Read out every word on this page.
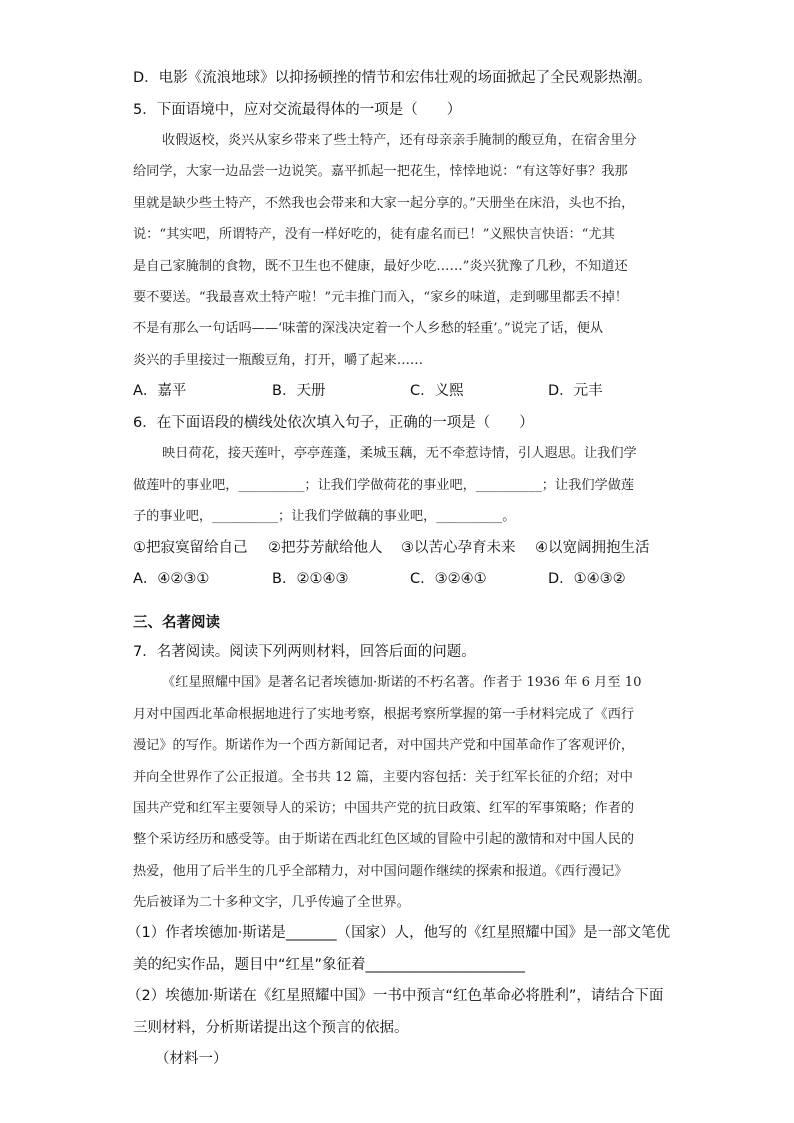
D．电影《流浪地球》以抑扬顿挫的情节和宏伟壮观的场面掀起了全民观影热潮。
5．下面语境中，应对交流最得体的一项是（　　）
收假返校，炎兴从家乡带来了些土特产，还有母亲亲手腌制的酸豆角，在宿舍里分
给同学，大家一边品尝一边说笑。嘉平抓起一把花生，悻悻地说：“有这等好事？我那
里就是缺少些土特产，不然我也会带来和大家一起分享的。”天册坐在床沿，头也不抬，
说：“其实吧，所谓特产，没有一样好吃的，徒有虚名而已！”义熙快言快语：“尤其
是自己家腌制的食物，既不卫生也不健康，最好少吃……”炎兴犹豫了几秒，不知道还
要不要送。“我最喜欢土特产啦！”元丰推门而入，“家乡的味道，走到哪里都丢不掉！
不是有那么一句话吗——‘味蕾的深浅决定着一个人乡愁的轻重’。”说完了话，便从
炎兴的手里接过一瓶酸豆角，打开，嚼了起来……
A．嘉平	B．天册	C．义熙	D．元丰
6．在下面语段的横线处依次填入句子，正确的一项是（　　）
映日荷花，接天莲叶，亭亭莲蓬，柔城玉藕，无不牵惹诗情，引人遐思。让我们学
做莲叶的事业吧，__________；让我们学做荷花的事业吧，__________；让我们学做莲
子的事业吧，__________；让我们学做藕的事业吧，__________。
①把寂寞留给自己 ②把芬芳献给他人 ③以苦心孕育未来 ④以宽阔拥抱生活
A．④②③①	B．②①④③	C．③②④①	D．①④③②
三、名著阅读
7．名著阅读。阅读下列两则材料，回答后面的问题。
《红星照耀中国》是著名记者埃德加·斯诺的不朽名著。作者于 1936 年 6 月至 10
月对中国西北革命根据地进行了实地考察，根据考察所掌握的第一手材料完成了《西行
漫记》的写作。斯诺作为一个西方新闻记者，对中国共产党和中国革命作了客观评价，
并向全世界作了公正报道。全书共 12 篇，主要内容包括：关于红军长征的介绍；对中
国共产党和红军主要领导人的采访；中国共产党的抗日政策、红军的军事策略；作者的
整个采访经历和感受等。由于斯诺在西北红色区域的冒险中引起的激情和对中国人民的
热爱，他用了后半生的几乎全部精力，对中国问题作继续的探索和报道。《西行漫记》
先后被译为二十多种文字，几乎传遍了全世界。
（1）作者埃德加·斯诺是_______（国家）人，他写的《红星照耀中国》是一部文笔优
美的纪实作品，题目中“红星”象征着______________________
（2）埃德加·斯诺在《红星照耀中国》一书中预言“红色革命必将胜利”，请结合下面
三则材料，分析斯诺提出这个预言的依据。
（材料一）
